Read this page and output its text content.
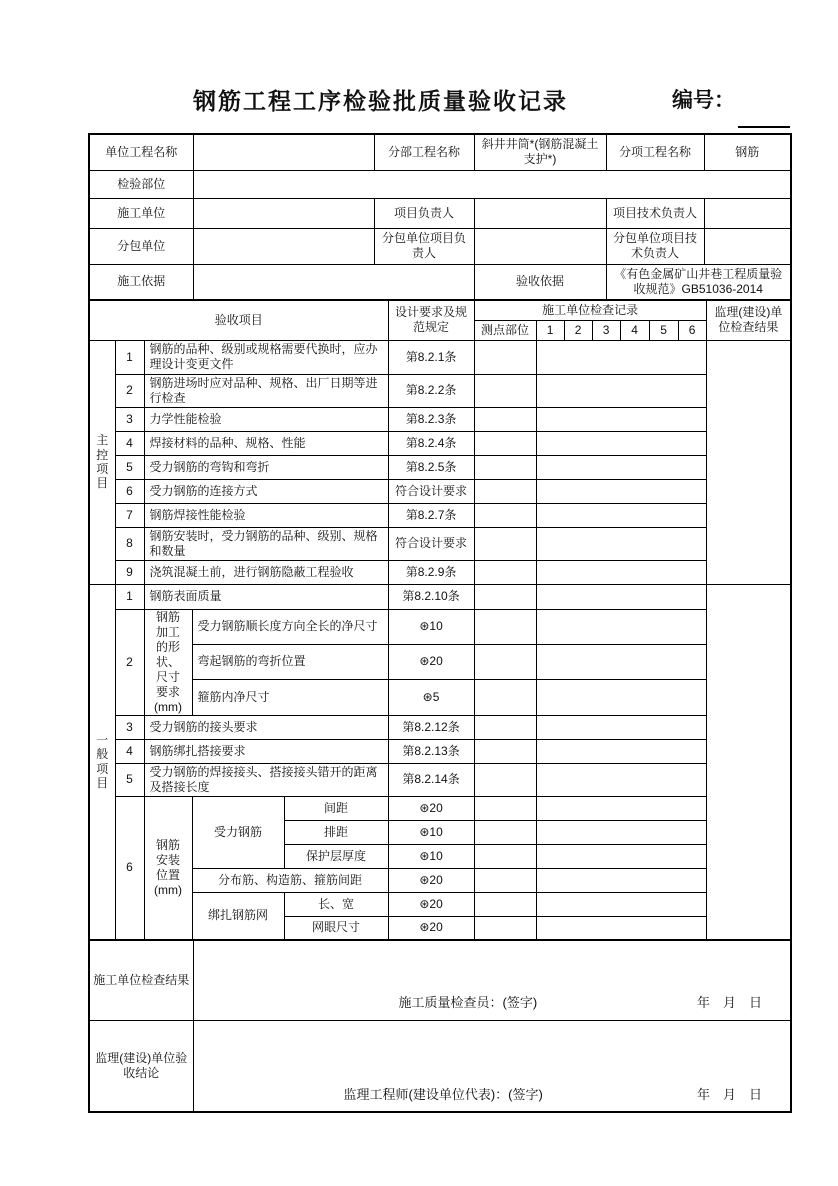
钢筋工程工序检验批质量验收记录	编号：
单位工程名称		分部工程名称	斜井井筒*(钢筋混凝土支护*)	分项工程名称	钢筋
检验部位					
施工单位		项目负责人		项目技术负责人	
分包单位		分包单位项目负责人		分包单位项目技术负责人	
施工依据			验收依据	《有色金属矿山井巷工程质量验收规范》GB51036-2014	
验收项目					设计要求及规范规定	施工单位检查记录							监理(建设)单位检查结果
						测点部位	1	2	3	4	5	6	
主控项目	1	钢筋的品种、级别或规格需要代换时，应办理设计变更文件			第8.2.1条								
	2	钢筋进场时应对品种、规格、出厂日期等进行检查			第8.2.2条								
	3	力学性能检验			第8.2.3条								
	4	焊接材料的品种、规格、性能			第8.2.4条								
	5	受力钢筋的弯钩和弯折			第8.2.5条								
	6	受力钢筋的连接方式			符合设计要求								
	7	钢筋焊接性能检验			第8.2.7条								
	8	钢筋安装时，受力钢筋的品种、级别、规格和数量			符合设计要求								
	9	浇筑混凝土前，进行钢筋隐蔽工程验收			第8.2.9条								
一般项目	1	钢筋表面质量			第8.2.10条								
	2	钢筋加工的形状、尺寸要求(mm)	受力钢筋顺长度方向全长的净尺寸		⊛10								
			弯起钢筋的弯折位置		⊛20								
			箍筋内净尺寸		⊛5								
	3	受力钢筋的接头要求			第8.2.12条								
	4	钢筋绑扎搭接要求			第8.2.13条								
	5	受力钢筋的焊接接头、搭接接头错开的距离及搭接长度			第8.2.14条								
	6	钢筋安装位置(mm)	受力钢筋	间距	⊛20								
				排距	⊛10								
				保护层厚度	⊛10								
			分布筋、构造筋、箍筋间距		⊛20								
			绑扎钢筋网	长、宽	⊛20								
				网眼尺寸	⊛20								
施工单位检查结果	施工质量检查员：(签字) 年　月　日

监理(建设)单位验收结论	监理工程师(建设单位代表)：(签字) 年　月　日
